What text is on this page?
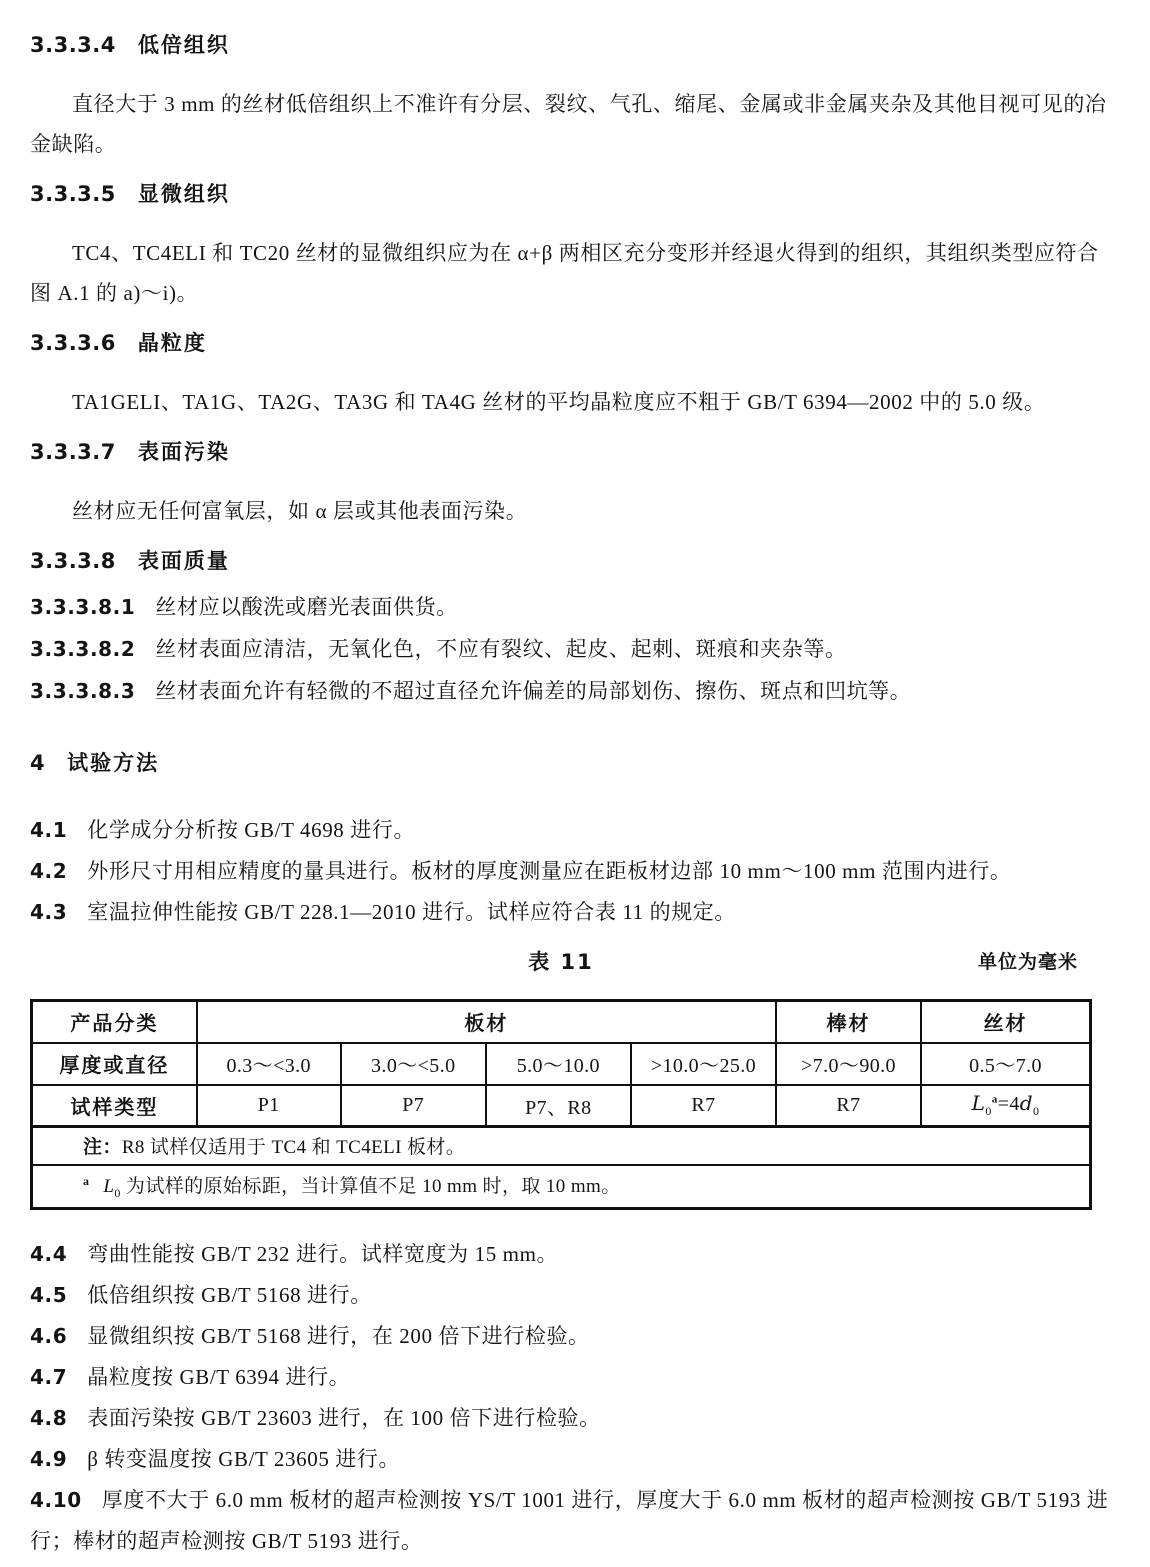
3.3.3.4 低倍组织

直径大于 3 mm 的丝材低倍组织上不准许有分层、裂纹、气孔、缩尾、金属或非金属夹杂及其他目视可见的冶金缺陷。

3.3.3.5 显微组织

TC4、TC4ELI 和 TC20 丝材的显微组织应为在 α+β 两相区充分变形并经退火得到的组织，其组织类型应符合图 A.1 的 a)～i)。

3.3.3.6 晶粒度

TA1GELI、TA1G、TA2G、TA3G 和 TA4G 丝材的平均晶粒度应不粗于 GB/T 6394—2002 中的 5.0 级。

3.3.3.7 表面污染

丝材应无任何富氧层，如 α 层或其他表面污染。

3.3.3.8 表面质量
3.3.3.8.1 丝材应以酸洗或磨光表面供货。
3.3.3.8.2 丝材表面应清洁，无氧化色，不应有裂纹、起皮、起刺、斑痕和夹杂等。
3.3.3.8.3 丝材表面允许有轻微的不超过直径允许偏差的局部划伤、擦伤、斑点和凹坑等。
4 试验方法
4.1 化学成分分析按 GB/T 4698 进行。
4.2 外形尺寸用相应精度的量具进行。板材的厚度测量应在距板材边部 10 mm～100 mm 范围内进行。
4.3 室温拉伸性能按 GB/T 228.1—2010 进行。试样应符合表 11 的规定。
表 11	单位为毫米
产品分类	板材				棒材	丝材
厚度或直径	0.3～<3.0	3.0～<5.0	5.0～10.0	>10.0～25.0	>7.0～90.0	0.5～7.0
试样类型	P1	P7	P7、R8	R7	R7	$L_0^a=4d_0$
注：R8 试样仅适用于 TC4 和 TC4ELI 板材。						
$^a$ $L_0$ 为试样的原始标距，当计算值不足 10 mm 时，取 10 mm。						
4.4 弯曲性能按 GB/T 232 进行。试样宽度为 15 mm。
4.5 低倍组织按 GB/T 5168 进行。
4.6 显微组织按 GB/T 5168 进行，在 200 倍下进行检验。
4.7 晶粒度按 GB/T 6394 进行。
4.8 表面污染按 GB/T 23603 进行，在 100 倍下进行检验。
4.9 β 转变温度按 GB/T 23605 进行。
4.10 厚度不大于 6.0 mm 板材的超声检测按 YS/T 1001 进行，厚度大于 6.0 mm 板材的超声检测按 GB/T 5193 进行；棒材的超声检测按 GB/T 5193 进行。
